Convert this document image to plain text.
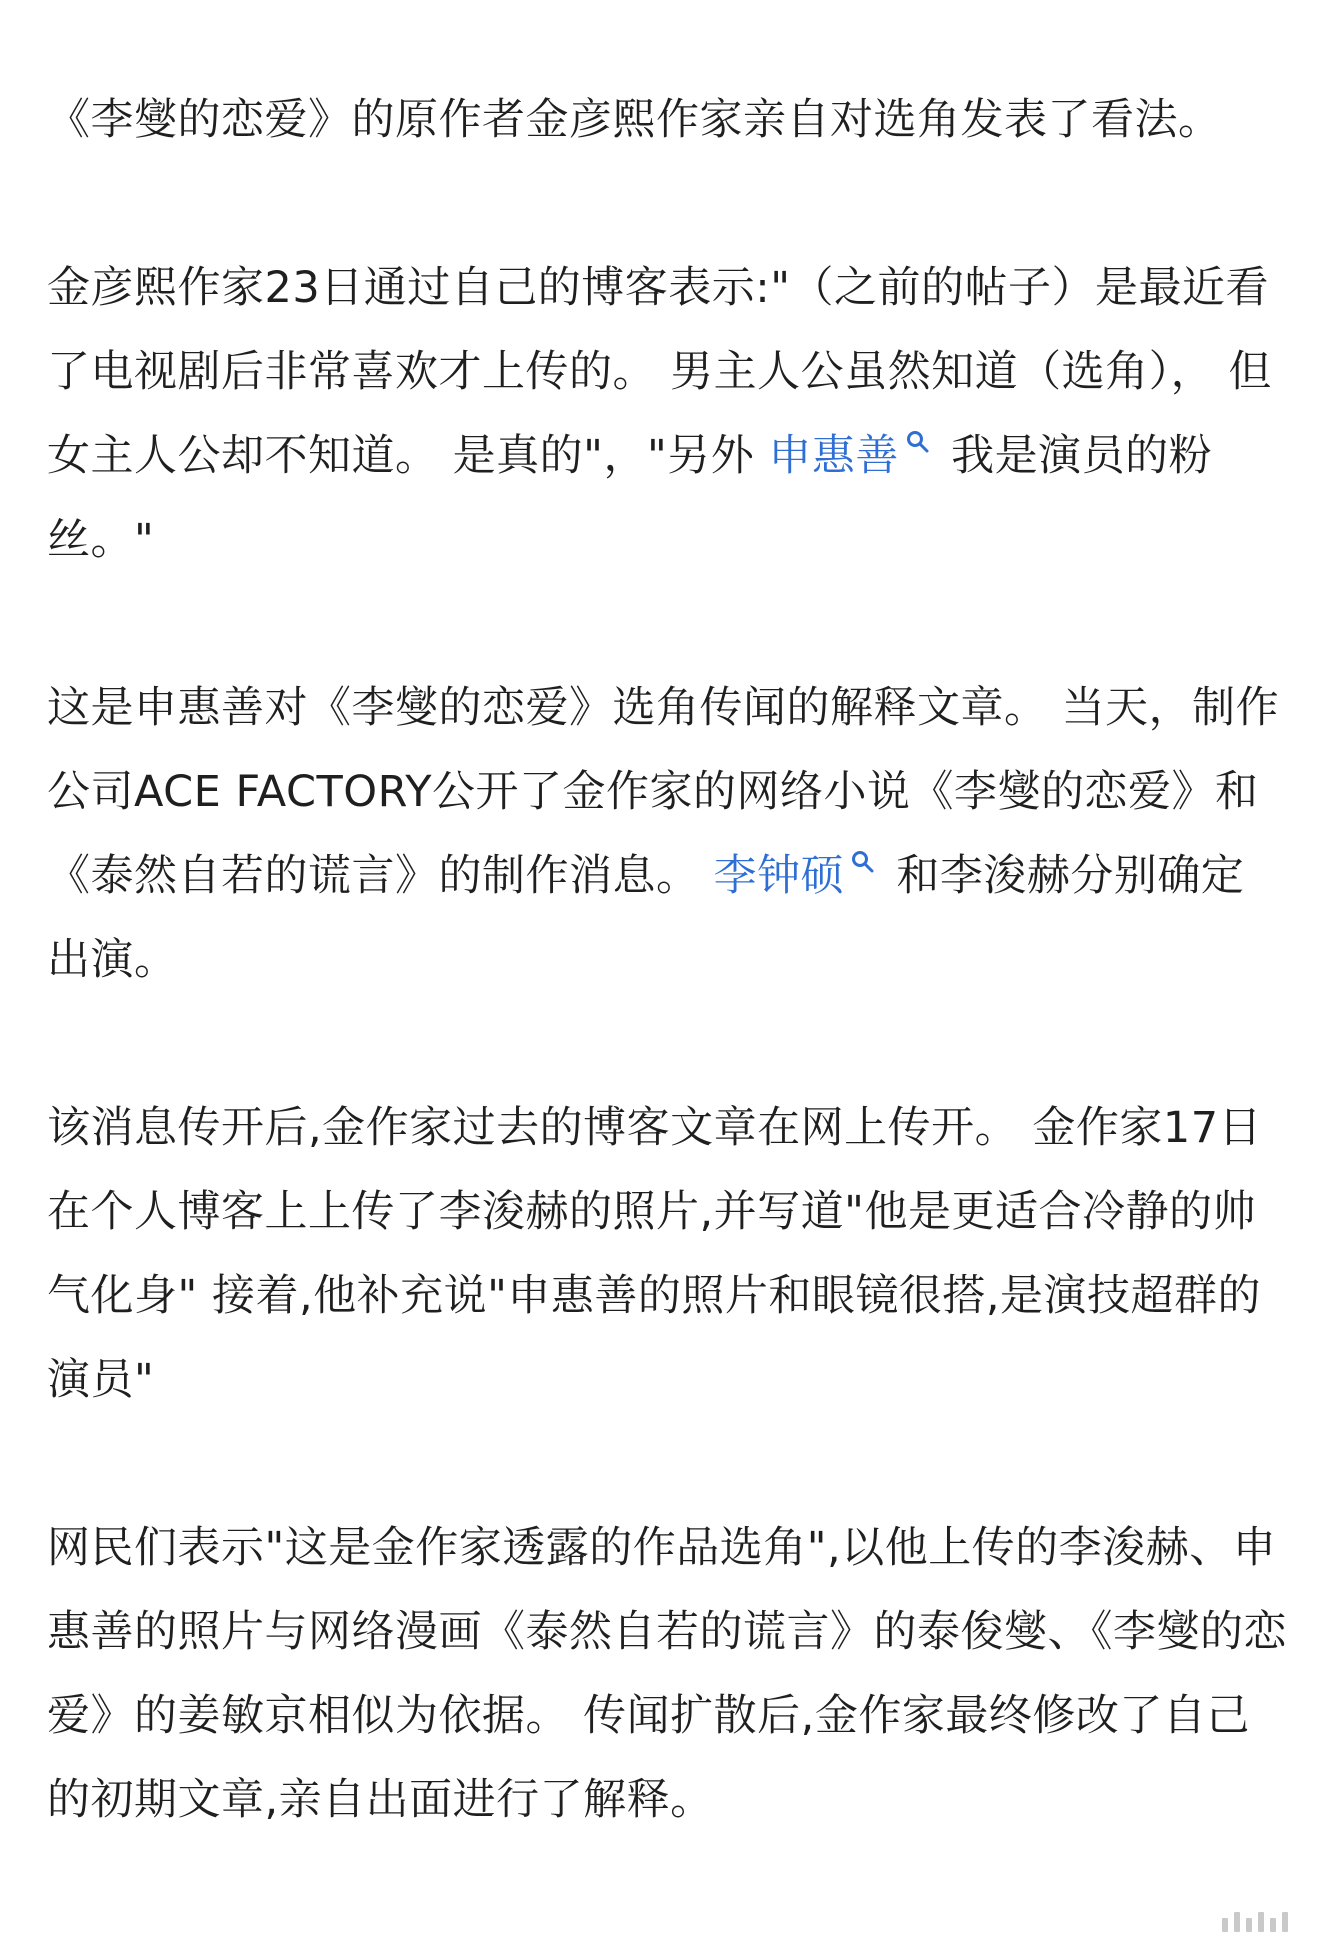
《李燮的恋爱》的原作者金彦熙作家亲自对选角发表了看法。

金彦熙作家23日通过自己的博客表示:"（之前的帖子）是最近看了电视剧后非常喜欢才上传的。 男主人公虽然知道（选角）， 但女主人公却不知道。 是真的"，"另外 申惠善
我是演员的粉丝。"

这是申惠善对《李燮的恋爱》选角传闻的解释文章。 当天，制作公司ACE FACTORY公开了金作家的网络小说《李燮的恋爱》和《泰然自若的谎言》的制作消息。 李钟硕
和李浚赫分别确定出演。

该消息传开后,金作家过去的博客文章在网上传开。 金作家17日在个人博客上上传了李浚赫的照片,并写道"他是更适合冷静的帅气化身" 接着,他补充说"申惠善的照片和眼镜很搭,是演技超群的演员"

网民们表示"这是金作家透露的作品选角",以他上传的李浚赫、申惠善的照片与网络漫画《泰然自若的谎言》的泰俊燮、《李燮的恋爱》的姜敏京相似为依据。 传闻扩散后,金作家最终修改了自己的初期文章,亲自出面进行了解释。
